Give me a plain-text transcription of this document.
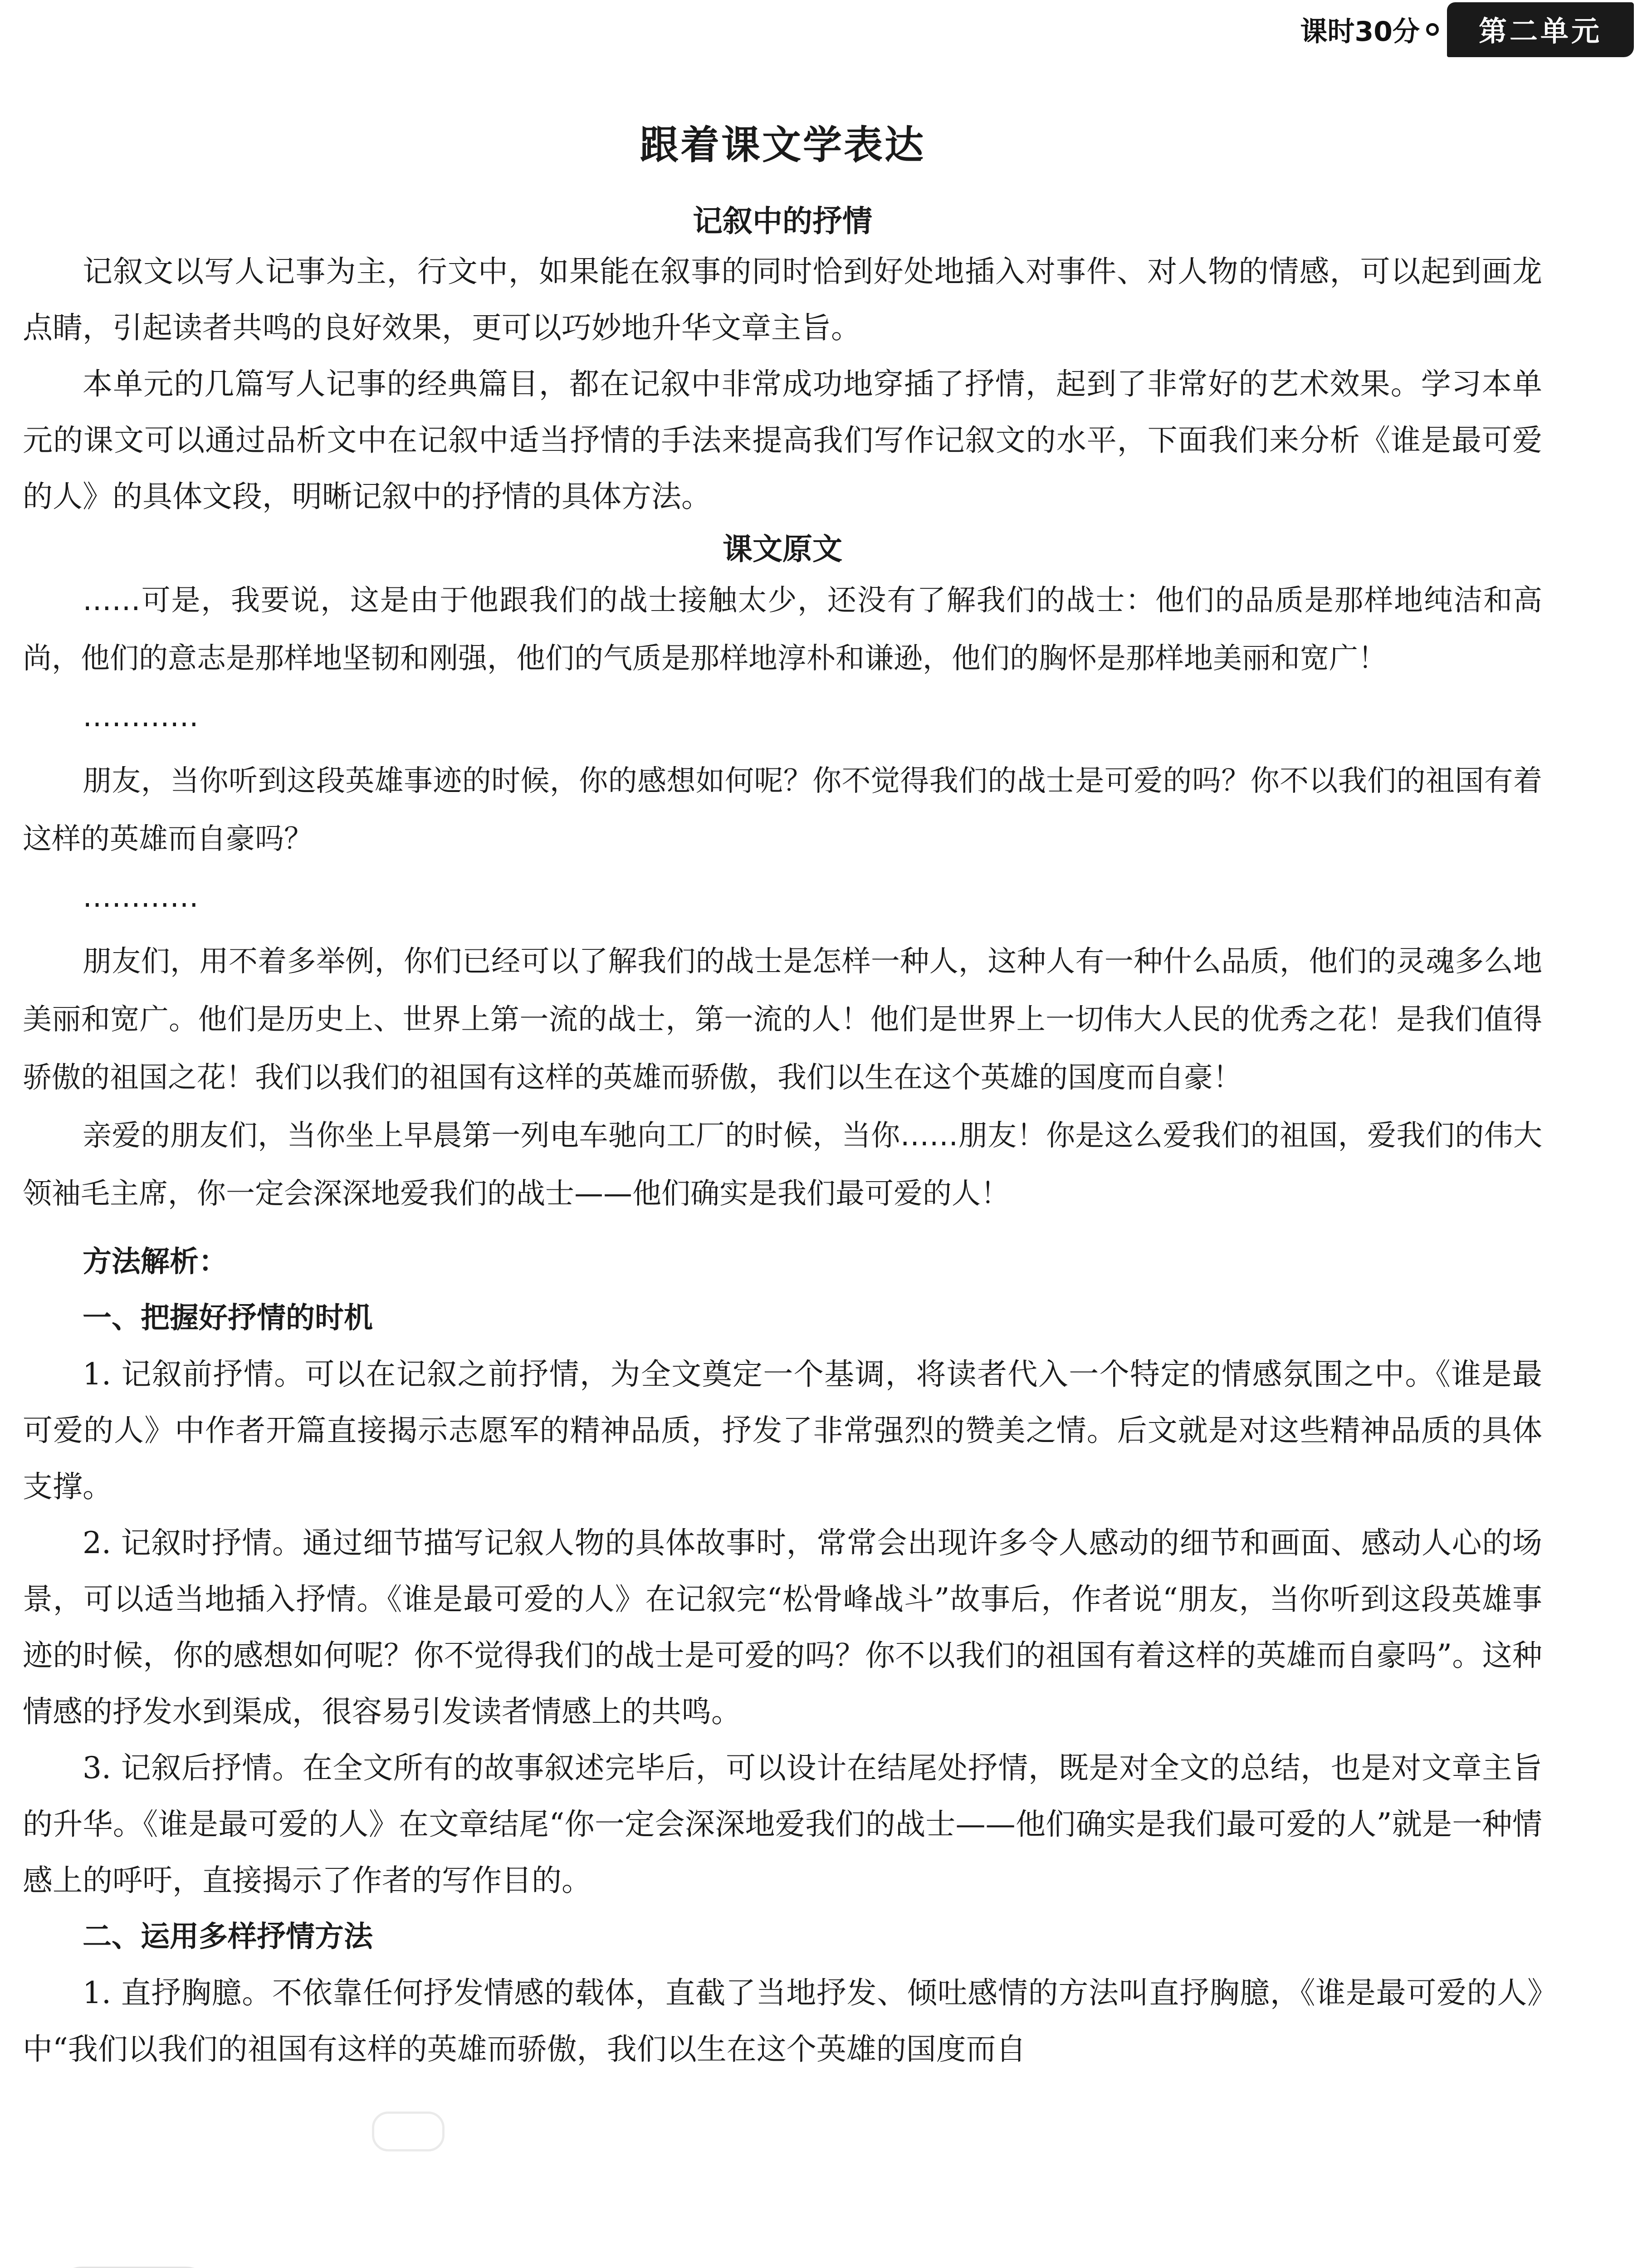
课时30分	第二单元
跟着课文学表达
记叙中的抒情

记叙文以写人记事为主，行文中，如果能在叙事的同时恰到好处地插入对事件、对人物的情感，可以起到画龙点睛，引起读者共鸣的良好效果，更可以巧妙地升华文章主旨。

本单元的几篇写人记事的经典篇目，都在记叙中非常成功地穿插了抒情，起到了非常好的艺术效果。学习本单元的课文可以通过品析文中在记叙中适当抒情的手法来提高我们写作记叙文的水平，下面我们来分析《谁是最可爱的人》的具体文段，明晰记叙中的抒情的具体方法。

课文原文

……可是，我要说，这是由于他跟我们的战士接触太少，还没有了解我们的战士：他们的品质是那样地纯洁和高尚，他们的意志是那样地坚韧和刚强，他们的气质是那样地淳朴和谦逊，他们的胸怀是那样地美丽和宽广！

…………

朋友，当你听到这段英雄事迹的时候，你的感想如何呢？你不觉得我们的战士是可爱的吗？你不以我们的祖国有着这样的英雄而自豪吗？

…………

朋友们，用不着多举例，你们已经可以了解我们的战士是怎样一种人，这种人有一种什么品质，他们的灵魂多么地美丽和宽广。他们是历史上、世界上第一流的战士，第一流的人！他们是世界上一切伟大人民的优秀之花！是我们值得骄傲的祖国之花！我们以我们的祖国有这样的英雄而骄傲，我们以生在这个英雄的国度而自豪！

亲爱的朋友们，当你坐上早晨第一列电车驰向工厂的时候，当你……朋友！你是这么爱我们的祖国，爱我们的伟大领袖毛主席，你一定会深深地爱我们的战士——他们确实是我们最可爱的人！

方法解析：

一、把握好抒情的时机

1. 记叙前抒情。可以在记叙之前抒情，为全文奠定一个基调，将读者代入一个特定的情感氛围之中。《谁是最可爱的人》中作者开篇直接揭示志愿军的精神品质，抒发了非常强烈的赞美之情。后文就是对这些精神品质的具体支撑。

2. 记叙时抒情。通过细节描写记叙人物的具体故事时，常常会出现许多令人感动的细节和画面、感动人心的场景，可以适当地插入抒情。《谁是最可爱的人》在记叙完“松骨峰战斗”故事后，作者说“朋友，当你听到这段英雄事迹的时候，你的感想如何呢？你不觉得我们的战士是可爱的吗？你不以我们的祖国有着这样的英雄而自豪吗”。这种情感的抒发水到渠成，很容易引发读者情感上的共鸣。

3. 记叙后抒情。在全文所有的故事叙述完毕后，可以设计在结尾处抒情，既是对全文的总结，也是对文章主旨的升华。《谁是最可爱的人》在文章结尾“你一定会深深地爱我们的战士——他们确实是我们最可爱的人”就是一种情感上的呼吁，直接揭示了作者的写作目的。

二、运用多样抒情方法

1. 直抒胸臆。不依靠任何抒发情感的载体，直截了当地抒发、倾吐感情的方法叫直抒胸臆，《谁是最可爱的人》中“我们以我们的祖国有这样的英雄而骄傲，我们以生在这个英雄的国度而自
